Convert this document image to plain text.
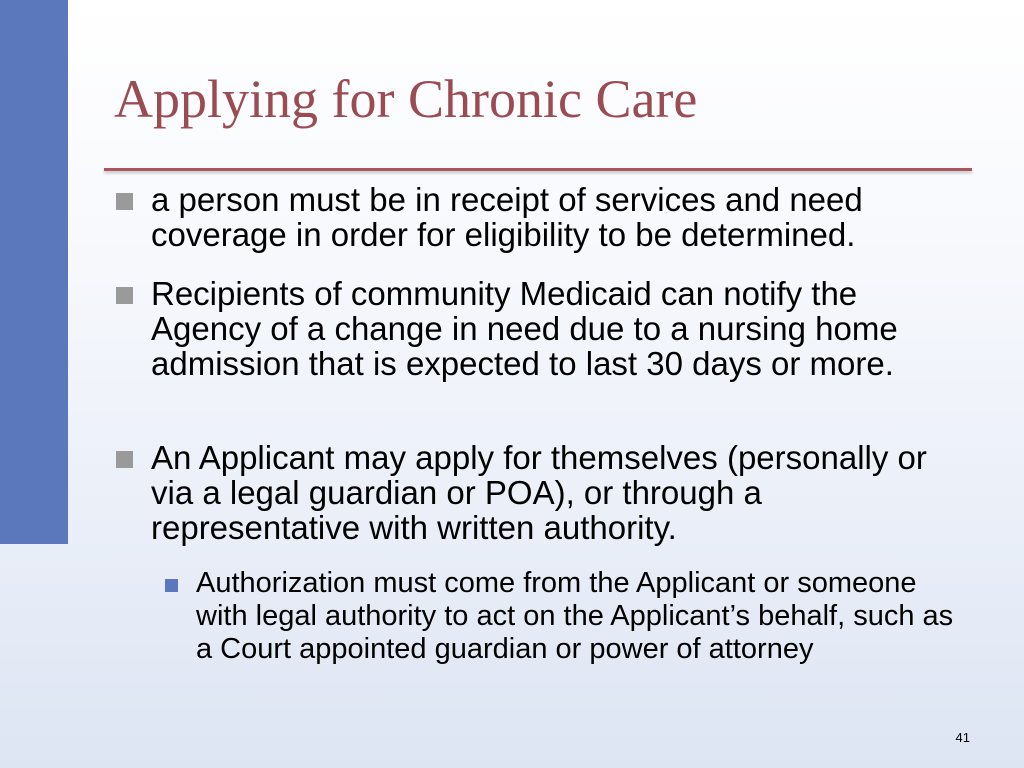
Applying for Chronic Care
a person must be in receipt of services and need coverage in order for eligibility to be determined.
Recipients of community Medicaid can notify the Agency of a change in need due to a nursing home admission that is expected to last 30 days or more.
An Applicant may apply for themselves (personally or via a legal guardian or POA), or through a representative with written authority.
Authorization must come from the Applicant or someone with legal authority to act on the Applicant’s behalf, such as a Court appointed guardian or power of attorney
41
